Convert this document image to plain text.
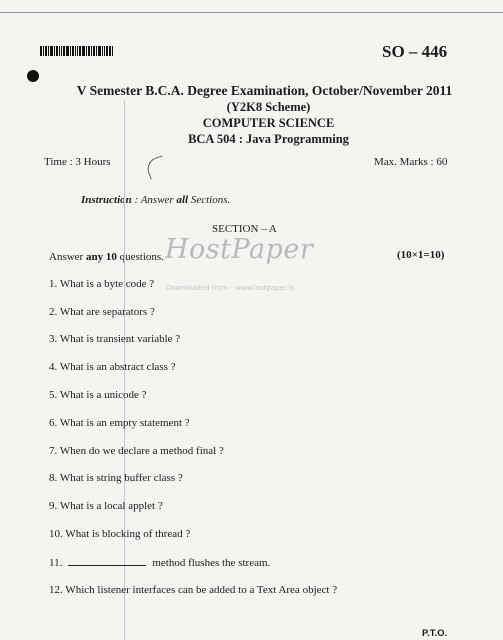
SO – 446
V Semester B.C.A. Degree Examination, October/November 2011
(Y2K8 Scheme)
COMPUTER SCIENCE
BCA 504 : Java Programming
Time : 3 Hours	Max. Marks : 60
Instruction : Answer all Sections.
SECTION – A
HostPaper
Downloaded from - www.lostpaper.in
Answer any 10 questions.	(10×1=10)
1. What is a byte code ?
2. What are separators ?
3. What is transient variable ?
4. What is an abstract class ?
5. What is a unicode ?
6. What is an empty statement ?
7. When do we declare a method final ?
8. What is string buffer class ?
9. What is a local applet ?
10. What is blocking of thread ?
11.	method flushes the stream.
12. Which listener interfaces can be added to a Text Area object ?
P.T.O.
